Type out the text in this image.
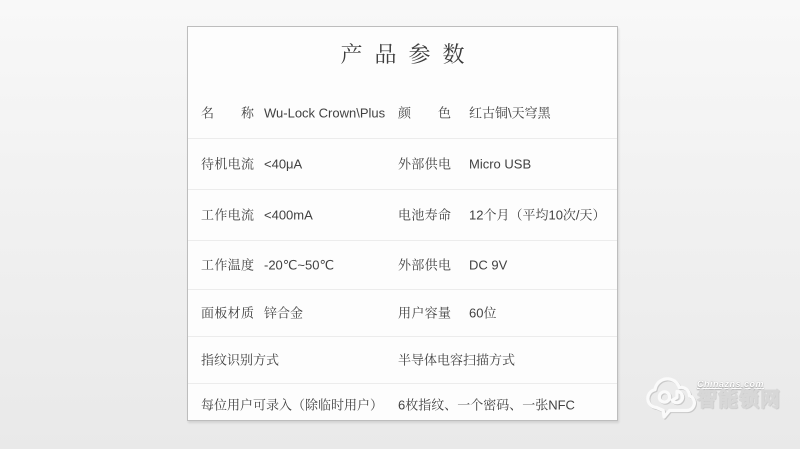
产品参数
名称 Wu-Lock Crown\Plus 颜色 红古铜\天穹黑
待机电流 <40μA	外部供电 Micro USB
工作电流 <400mA	电池寿命 12个月（平均10次/天）
工作温度 -20℃~50℃	外部供电 DC 9V
面板材质 锌合金	用户容量 60位
指纹识别方式	半导体电容扫描方式
每位用户可录入（除临时用户） 6枚指纹、一个密码、一张NFC
Chinazns.com
智能锁网
